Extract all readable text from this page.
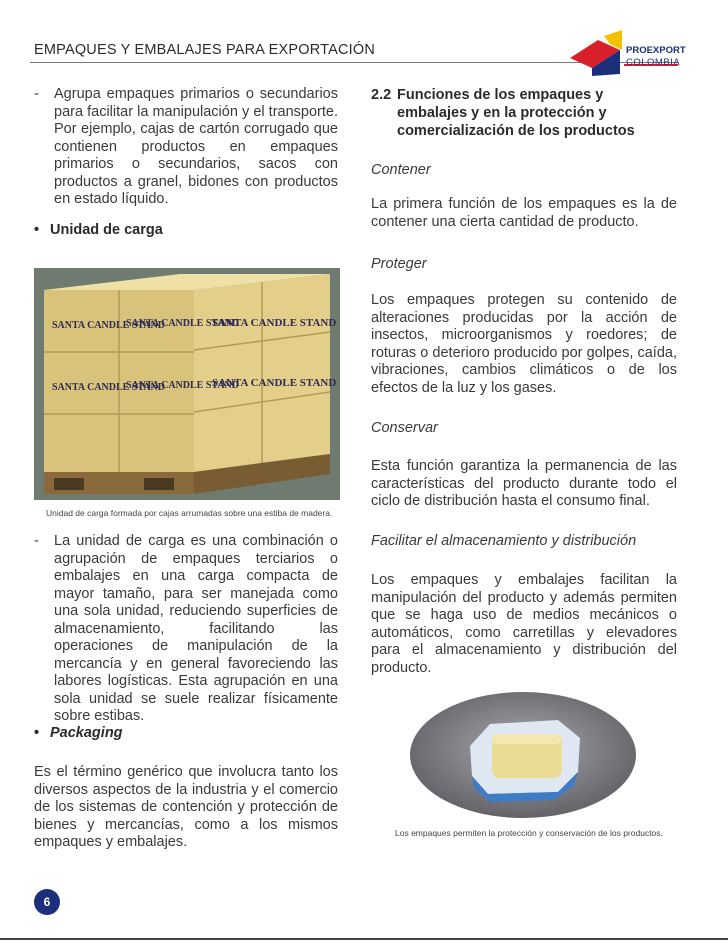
EMPAQUES Y EMBALAJES PARA EXPORTACIÓN	PROEXPORT
COLOMBIA

- Agrupa empaques primarios o secundarios para facilitar la manipulación y el transporte. Por ejemplo, cajas de cartón corrugado que contienen productos en empaques primarios o secundarios, sacos con productos a granel, bidones con productos en estado líquido.

• Unidad de carga
SANTA CANDLE STAND
SANTA CANDLE STAND
SANTA CANDLE STAND
SANTA CANDLE STAND
SANTA CANDLE STAND
SANTA CANDLE STAND
Unidad de carga formada por cajas arrumadas sobre una estiba de madera.

- La unidad de carga es una combinación o agrupación de empaques terciarios o embalajes en una carga compacta de mayor tamaño, para ser manejada como una sola unidad, reduciendo superficies de almacenamiento, facilitando las operaciones de manipulación de la mercancía y en general favoreciendo las labores logísticas. Esta agrupación en una sola unidad se suele realizar físicamente sobre estibas.

• Packaging

Es el término genérico que involucra tanto los diversos aspectos de la industria y el comercio de los sistemas de contención y protección de bienes y mercancías, como a los mismos empaques y embalajes.

2.2 Funciones de los empaques y embalajes y en la protección y comercialización de los productos
Contener

La primera función de los empaques es la de contener una cierta cantidad de producto.

Proteger

Los empaques protegen su contenido de alteraciones producidas por la acción de insectos, microorganismos y roedores; de roturas o deterioro producido por golpes, caída, vibraciones, cambios climáticos o de los efectos de la luz y los gases.

Conservar

Esta función garantiza la permanencia de las características del producto durante todo el ciclo de distribución hasta el consumo final.

Facilitar el almacenamiento y distribución

Los empaques y embalajes facilitan la manipulación del producto y además permiten que se haga uso de medios mecánicos o automáticos, como carretillas y elevadores para el almacenamiento y distribución del producto.

Los empaques permiten la protección y conservación de los productos.
6
